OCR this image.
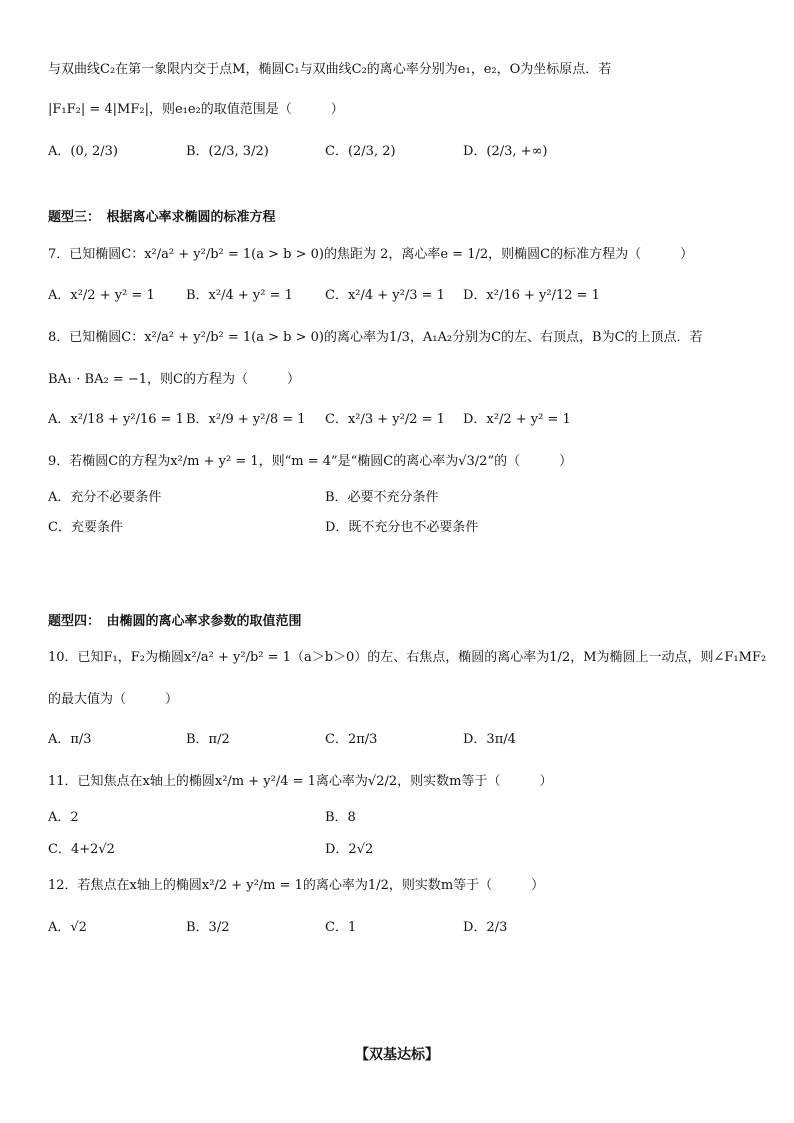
与双曲线C₂在第一象限内交于点M，椭圆C₁与双曲线C₂的离心率分别为e₁，e₂，O为坐标原点．若
|F₁F₂| = 4|MF₂|，则e₁e₂的取值范围是（　　　）
题型三：　根据离心率求椭圆的标准方程
7．已知椭圆C：x²/a² + y²/b² = 1(a > b > 0)的焦距为 2，离心率e = 1/2，则椭圆C的标准方程为（　　　）
8．已知椭圆C：x²/a² + y²/b² = 1(a > b > 0)的离心率为1/3，A₁A₂分别为C的左、右顶点，B为C的上顶点．若
BA₁ · BA₂ = −1，则C的方程为（　　　）
9．若椭圆C的方程为x²/m + y² = 1，则“m = 4”是“椭圆C的离心率为√3/2”的（　　　）
题型四：　由椭圆的离心率求参数的取值范围
10．已知F₁，F₂为椭圆x²/a² + y²/b² = 1（a＞b＞0）的左、右焦点，椭圆的离心率为1/2，M为椭圆上一动点，则∠F₁MF₂
的最大值为（　　　）
11．已知焦点在x轴上的椭圆x²/m + y²/4 = 1离心率为√2/2，则实数m等于（　　　）
12．若焦点在x轴上的椭圆x²/2 + y²/m = 1的离心率为1/2，则实数m等于（　　　）
A．(0, 2/3)	B．(2/3, 3/2)	C．(2/3, 2)	D．(2/3, +∞)
A．x²/2 + y² = 1 B．x²/4 + y² = 1 C．x²/4 + y²/3 = 1 D．x²/16 + y²/12 = 1
A．x²/18 + y²/16 = 1 B．x²/9 + y²/8 = 1 C．x²/3 + y²/2 = 1 D．x²/2 + y² = 1
A．充分不必要条件	B．必要不充分条件
C．充要条件	D．既不充分也不必要条件
A．π/3	B．π/2	C．2π/3	D．3π/4
A．2	B．8
C．4+2√2	D．2√2
A．√2	B．3/2	C．1	D．2/3
【双基达标】
